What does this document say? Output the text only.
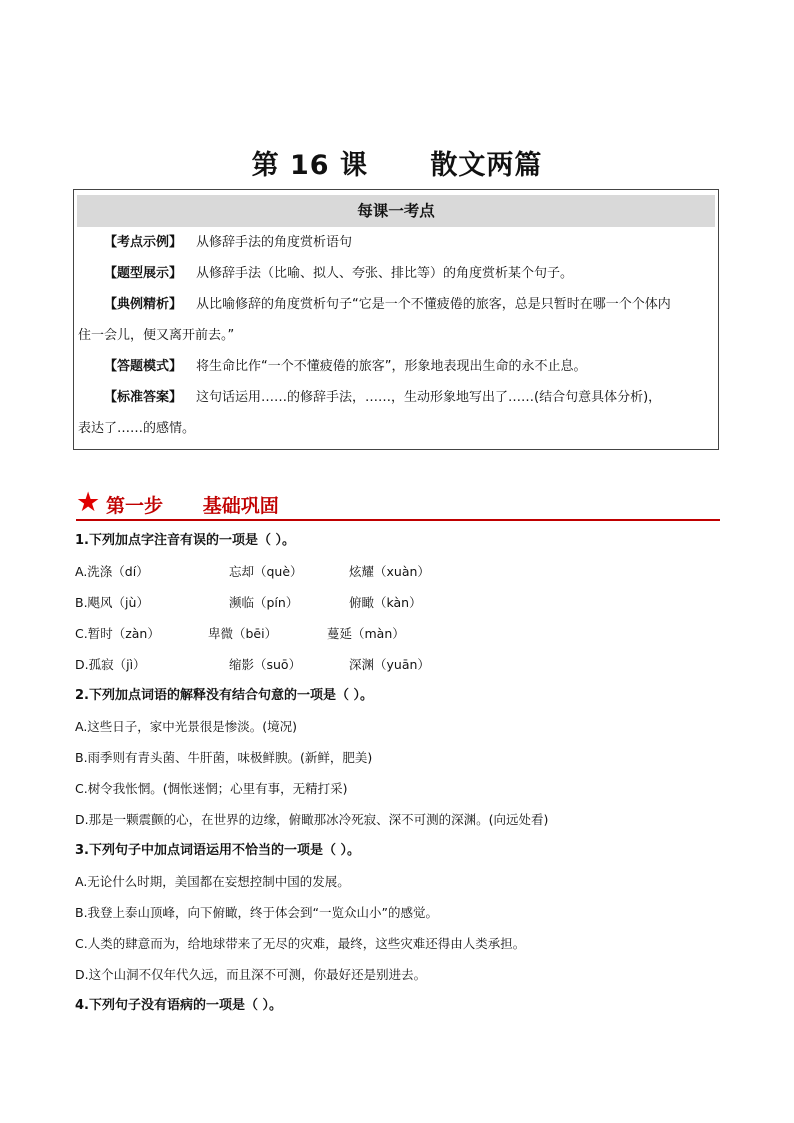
第 16 课      散文两篇
每课一考点
【考点示例】 从修辞手法的角度赏析语句
【题型展示】 从修辞手法（比喻、拟人、夸张、排比等）的角度赏析某个句子。
【典例精析】 从比喻修辞的角度赏析句子“它是一个不懂疲倦的旅客，总是只暂时在哪一个个体内
住一会儿，便又离开前去。”
【答题模式】 将生命比作“一个不懂疲倦的旅客”，形象地表现出生命的永不止息。
【标准答案】 这句话运用……的修辞手法，……，生动形象地写出了……(结合句意具体分析)，
表达了……的感情。
★ 第一步      基础巩固
1.下列加点字注音有误的一项是（ ）。
A.洗涤（dí）	忘却（què）	炫耀（xuàn）
B.飓风（jù）	濒临（pín）	俯瞰（kàn）
C.暂时（zàn）	卑微（bēi）	蔓延（màn）
D.孤寂（jì）	缩影（suō）	深渊（yuān）
2.下列加点词语的解释没有结合句意的一项是（ ）。
A.这些日子，家中光景很是惨淡。(境况)
B.雨季则有青头菌、牛肝菌，味极鲜腴。(新鲜，肥美)
C.树令我怅惘。(惆怅迷惘；心里有事，无精打采)
D.那是一颗震颤的心，在世界的边缘，俯瞰那冰冷死寂、深不可测的深渊。(向远处看)
3.下列句子中加点词语运用不恰当的一项是（ ）。
A.无论什么时期，美国都在妄想控制中国的发展。
B.我登上泰山顶峰，向下俯瞰，终于体会到“一览众山小”的感觉。
C.人类的肆意而为，给地球带来了无尽的灾难，最终，这些灾难还得由人类承担。
D.这个山洞不仅年代久远，而且深不可测，你最好还是别进去。
4.下列句子没有语病的一项是（ ）。
